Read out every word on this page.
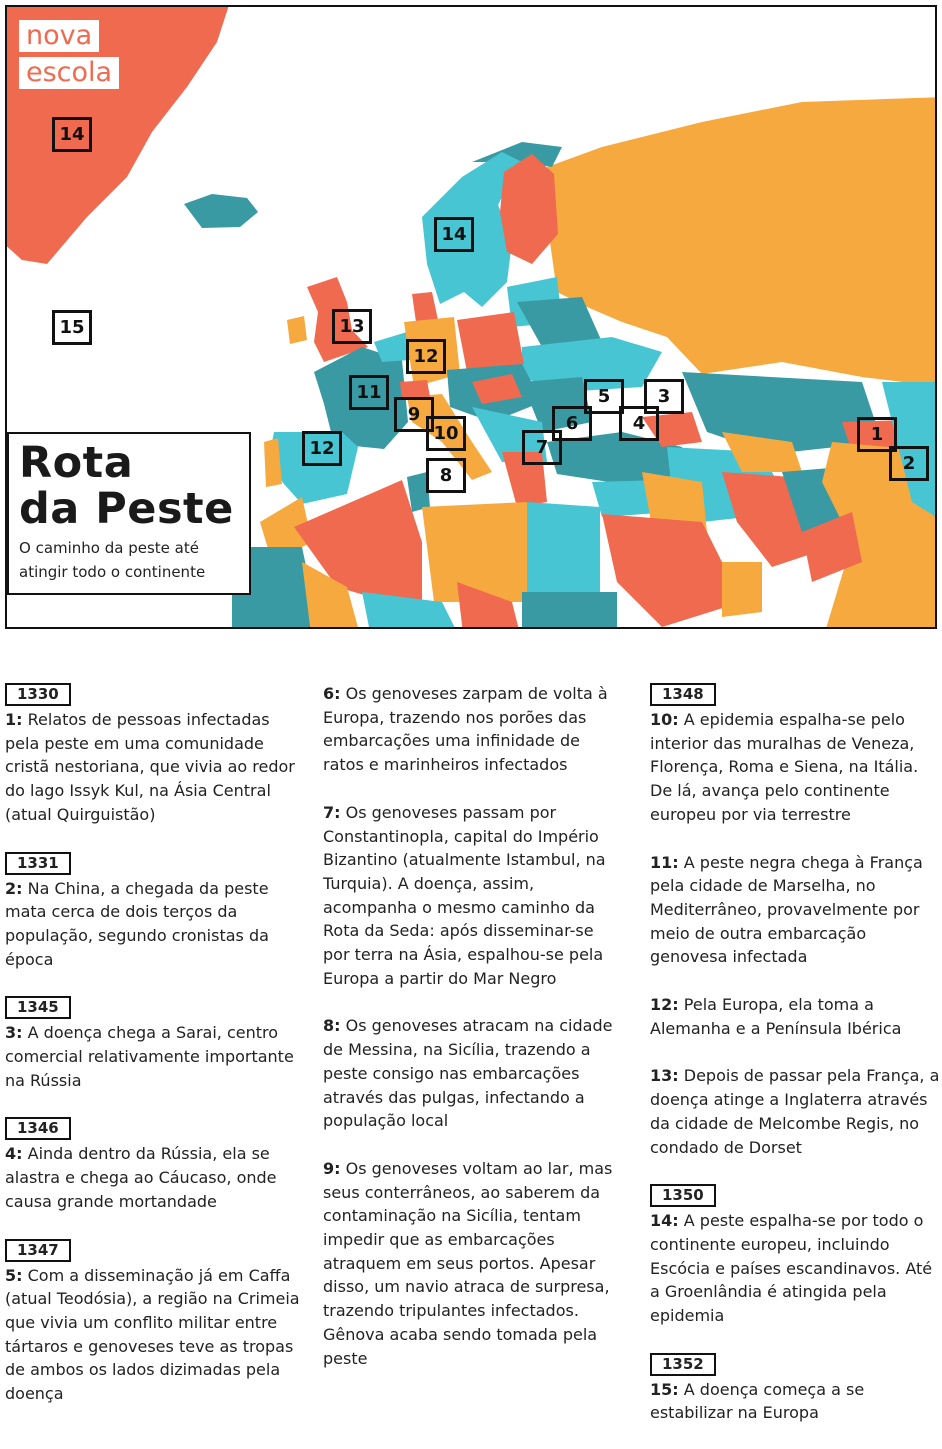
nova
escola
14
15
14
13
12
11
12
9
10
8
7
6
5
4
3
1
2
Rota
da Peste

O caminho da peste até
atingir todo o continente

1330
1: Relatos de pessoas infectadas pela peste em uma comunidade cristã nestoriana, que vivia ao redor do lago Issyk Kul, na Ásia Central (atual Quirguistão)
1331
2: Na China, a chegada da peste mata cerca de dois terços da população, segundo cronistas da época
1345
3: A doença chega a Sarai, centro comercial relativamente importante na Rússia
1346
4: Ainda dentro da Rússia, ela se alastra e chega ao Cáucaso, onde causa grande mortandade
1347
5: Com a disseminação já em Caffa (atual Teodósia), a região na Crimeia que vivia um conflito militar entre tártaros e genoveses teve as tropas de ambos os lados dizimadas pela doença
6: Os genoveses zarpam de volta à Europa, trazendo nos porões das embarcações uma infinidade de ratos e marinheiros infectados
7: Os genoveses passam por Constantinopla, capital do Império Bizantino (atualmente Istambul, na Turquia). A doença, assim, acompanha o mesmo caminho da Rota da Seda: após disseminar-se por terra na Ásia, espalhou-se pela Europa a partir do Mar Negro
8: Os genoveses atracam na cidade de Messina, na Sicília, trazendo a peste consigo nas embarcações através das pulgas, infectando a população local
9: Os genoveses voltam ao lar, mas seus conterrâneos, ao saberem da contaminação na Sicília, tentam impedir que as embarcações atraquem em seus portos. Apesar disso, um navio atraca de surpresa, trazendo tripulantes infectados. Gênova acaba sendo tomada pela peste
1348
10: A epidemia espalha-se pelo interior das muralhas de Veneza, Florença, Roma e Siena, na Itália. De lá, avança pelo continente europeu por via terrestre
11: A peste negra chega à França pela cidade de Marselha, no Mediterrâneo, provavelmente por meio de outra embarcação genovesa infectada
12: Pela Europa, ela toma a Alemanha e a Península Ibérica
13: Depois de passar pela França, a doença atinge a Inglaterra através da cidade de Melcombe Regis, no condado de Dorset
1350
14: A peste espalha-se por todo o continente europeu, incluindo Escócia e países escandinavos. Até a Groenlândia é atingida pela epidemia
1352
15: A doença começa a se estabilizar na Europa
